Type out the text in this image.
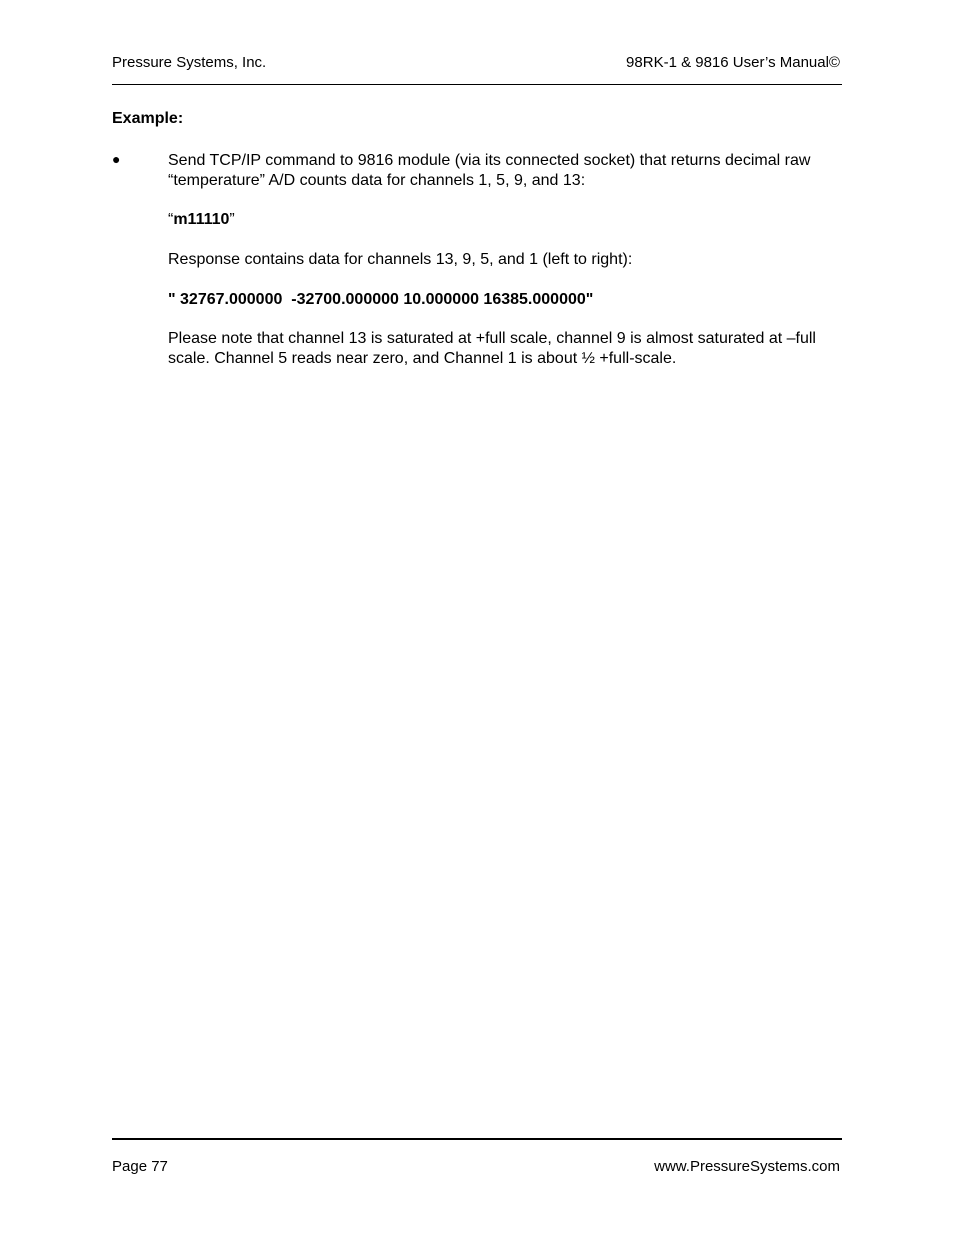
Pressure Systems, Inc.	98RK-1 & 9816 User’s Manual©
Example:
●	Send TCP/IP command to 9816 module (via its connected socket) that returns decimal raw “temperature” A/D counts data for channels 1, 5, 9, and 13:
“m11110”
Response contains data for channels 13, 9, 5, and 1 (left to right):
" 32767.000000  -32700.000000 10.000000 16385.000000"
Please note that channel 13 is saturated at +full scale, channel 9 is almost saturated at –full scale. Channel 5 reads near zero, and Channel 1 is about ½ +full-scale.
Page 77	www.PressureSystems.com
